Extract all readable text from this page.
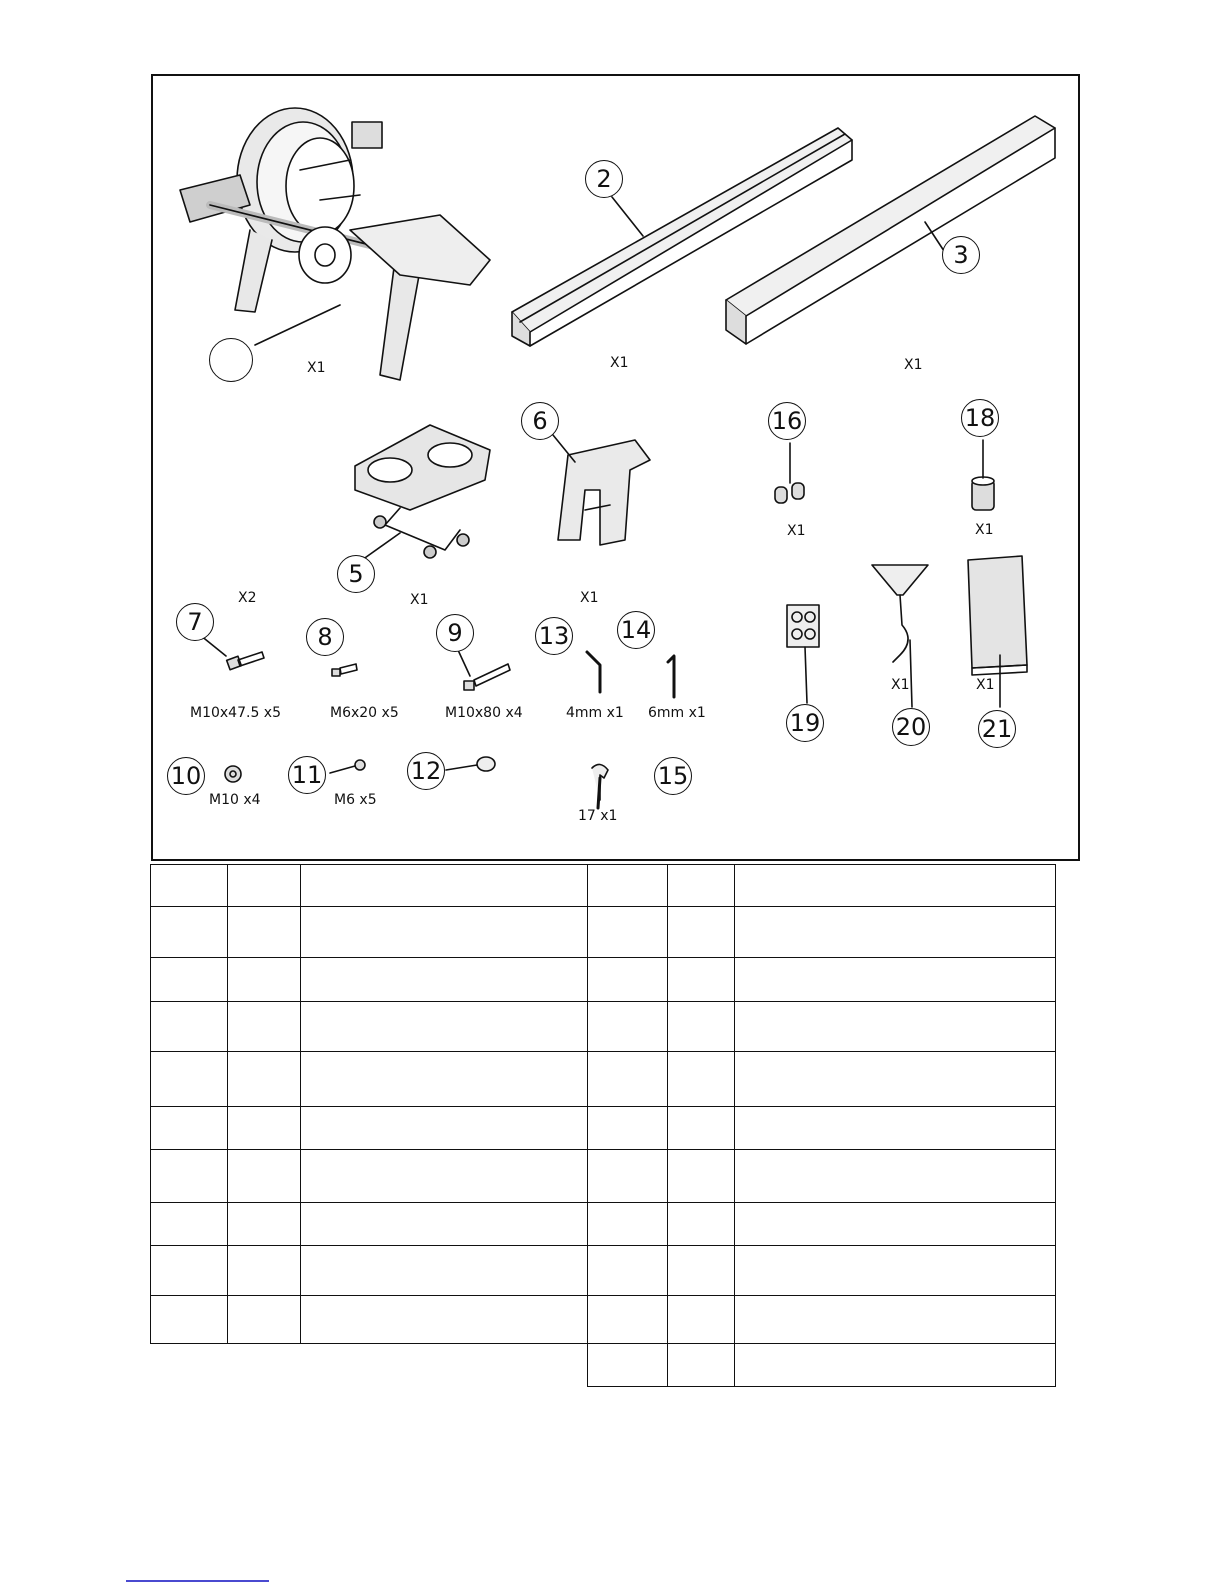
2
3
5
6
7
8	9	13 14
10	11	12	15
16	18
19	20 21
X1	X1	X1
X2	X1	X1
X1	X1
X1	X1
M10x47.5 x5	M6x20 x5	M10x80 x4	4mm x1 6mm x1
M10 x4	M6 x5
17 x1
